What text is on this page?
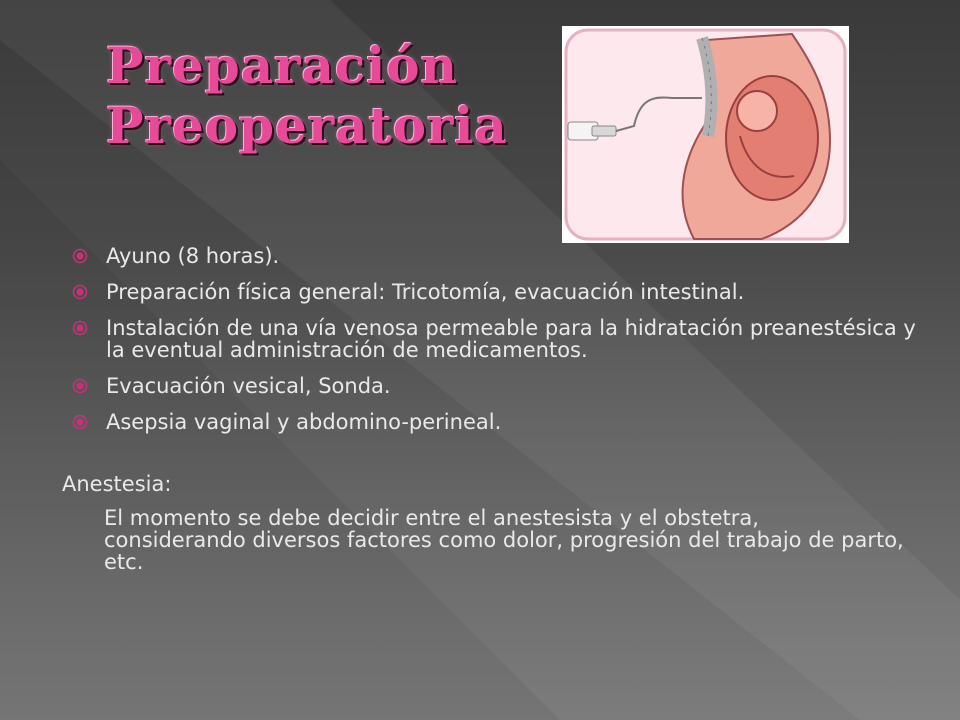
Preparación
Preoperatoria
Ayuno (8 horas).
Preparación física general: Tricotomía, evacuación intestinal.
Instalación de una vía venosa permeable para la hidratación preanestésica y la eventual administración de medicamentos.
Evacuación vesical, Sonda.
Asepsia vaginal y abdomino-perineal.
Anestesia:
El momento se debe decidir entre el anestesista y el obstetra, considerando diversos factores como dolor, progresión del trabajo de parto, etc.
